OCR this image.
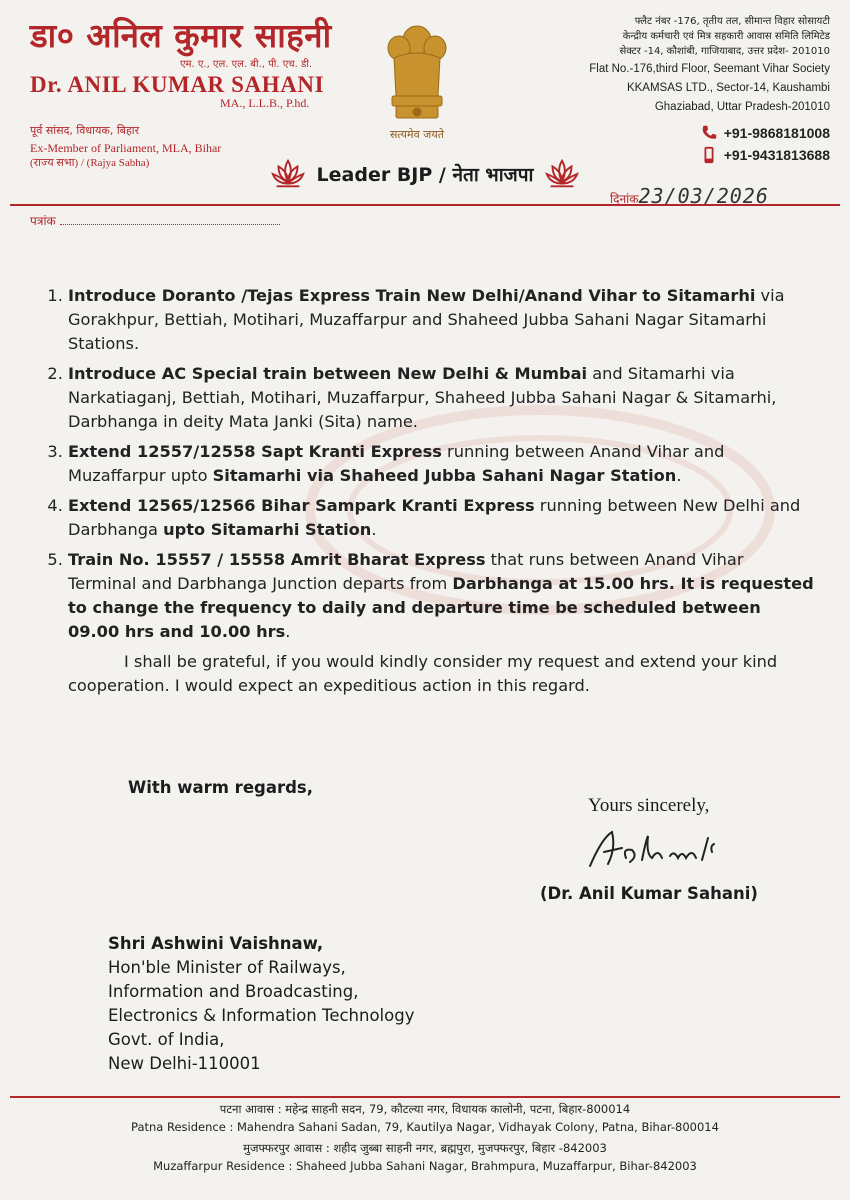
डा० अनिल कुमार साहनी
एम. ए., एल. एल. बी., पी. एच. डी.
Dr. ANIL KUMAR SAHANI
MA., L.L.B., P.hd.
पूर्व सांसद, विधायक, बिहार
Ex-Member of Parliament, MLA, Bihar
(राज्य सभा) / (Rajya Sabha)
सत्यमेव जयते
फ्लैट नंबर -176, तृतीय तल, सीमान्त विहार सोसायटी
केन्द्रीय कर्मचारी एवं मित्र सहकारी आवास समिति लिमिटेड
सेक्टर -14, कौशांबी, गाजियाबाद, उत्तर प्रदेश- 201010
Flat No.-176,third Floor, Seemant Vihar Society
KKAMSAS LTD., Sector-14, Kaushambi
Ghaziabad, Uttar Pradesh-201010
+91-9868181008
+91-9431813688
Leader BJP / नेता भाजपा
दिनांक23/03/2026
पत्रांक
1. Introduce Doranto /Tejas Express Train New Delhi/Anand Vihar to Sitamarhi via Gorakhpur, Bettiah, Motihari, Muzaffarpur and Shaheed Jubba Sahani Nagar Sitamarhi Stations.
2. Introduce AC Special train between New Delhi & Mumbai and Sitamarhi via Narkatiaganj, Bettiah, Motihari, Muzaffarpur, Shaheed Jubba Sahani Nagar & Sitamarhi, Darbhanga in deity Mata Janki (Sita) name.
3. Extend 12557/12558 Sapt Kranti Express running between Anand Vihar and Muzaffarpur upto Sitamarhi via Shaheed Jubba Sahani Nagar Station.
4. Extend 12565/12566 Bihar Sampark Kranti Express running between New Delhi and Darbhanga upto Sitamarhi Station.
5. Train No. 15557 / 15558 Amrit Bharat Express that runs between Anand Vihar Terminal and Darbhanga Junction departs from Darbhanga at 15.00 hrs. It is requested to change the frequency to daily and departure time be scheduled between 09.00 hrs and 10.00 hrs.

I shall be grateful, if you would kindly consider my request and extend your kind cooperation. I would expect an expeditious action in this regard.

With warm regards,
Yours sincerely,
(Dr. Anil Kumar Sahani)
Shri Ashwini Vaishnaw,
Hon'ble Minister of Railways,
Information and Broadcasting,
Electronics & Information Technology
Govt. of India,
New Delhi-110001
पटना आवास : महेन्द्र साहनी सदन, 79, कौटल्या नगर, विधायक कालोनी, पटना, बिहार-800014
Patna Residence : Mahendra Sahani Sadan, 79, Kautilya Nagar, Vidhayak Colony, Patna, Bihar-800014
मुजफ्फरपुर आवास : शहीद जुब्बा साहनी नगर, ब्रह्मपुरा, मुजफ्फरपुर, बिहार -842003
Muzaffarpur Residence : Shaheed Jubba Sahani Nagar, Brahmpura, Muzaffarpur, Bihar-842003
